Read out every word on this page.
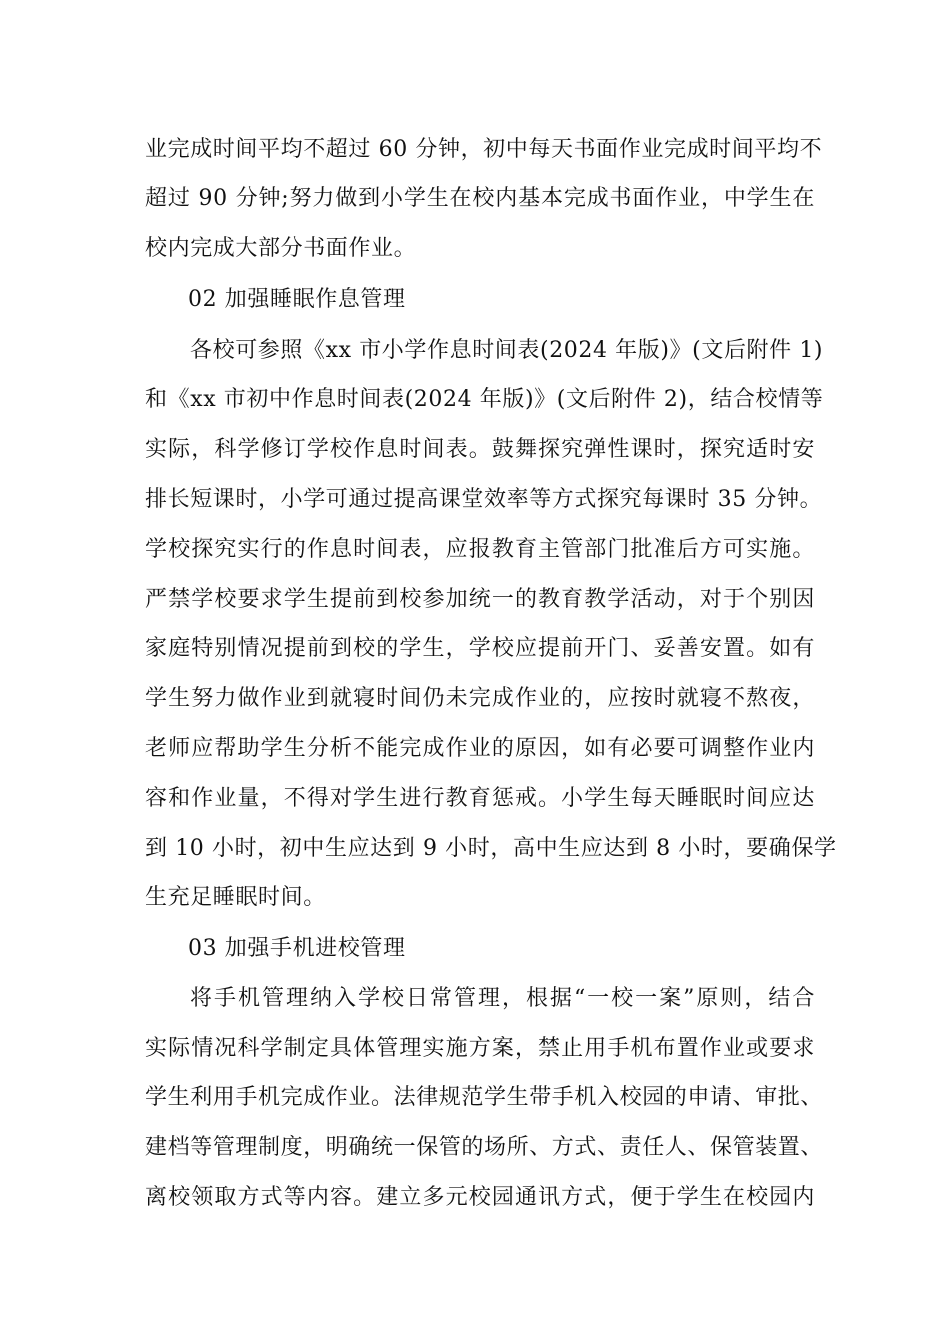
业完成时间平均不超过 60 分钟，初中每天书面作业完成时间平均不
超过 90 分钟;努力做到小学生在校内基本完成书面作业，中学生在
校内完成大部分书面作业。
02 加强睡眠作息管理
各校可参照《xx 市小学作息时间表(2024 年版)》(文后附件 1)
和《xx 市初中作息时间表(2024 年版)》(文后附件 2)，结合校情等
实际，科学修订学校作息时间表。鼓舞探究弹性课时，探究适时安
排长短课时，小学可通过提高课堂效率等方式探究每课时 35 分钟。
学校探究实行的作息时间表，应报教育主管部门批准后方可实施。
严禁学校要求学生提前到校参加统一的教育教学活动，对于个别因
家庭特别情况提前到校的学生，学校应提前开门、妥善安置。如有
学生努力做作业到就寝时间仍未完成作业的，应按时就寝不熬夜，
老师应帮助学生分析不能完成作业的原因，如有必要可调整作业内
容和作业量，不得对学生进行教育惩戒。小学生每天睡眠时间应达
到 10 小时，初中生应达到 9 小时，高中生应达到 8 小时，要确保学
生充足睡眠时间。
03 加强手机进校管理
将手机管理纳入学校日常管理，根据“一校一案”原则，结合
实际情况科学制定具体管理实施方案，禁止用手机布置作业或要求
学生利用手机完成作业。法律规范学生带手机入校园的申请、审批、
建档等管理制度，明确统一保管的场所、方式、责任人、保管装置、
离校领取方式等内容。建立多元校园通讯方式，便于学生在校园内
